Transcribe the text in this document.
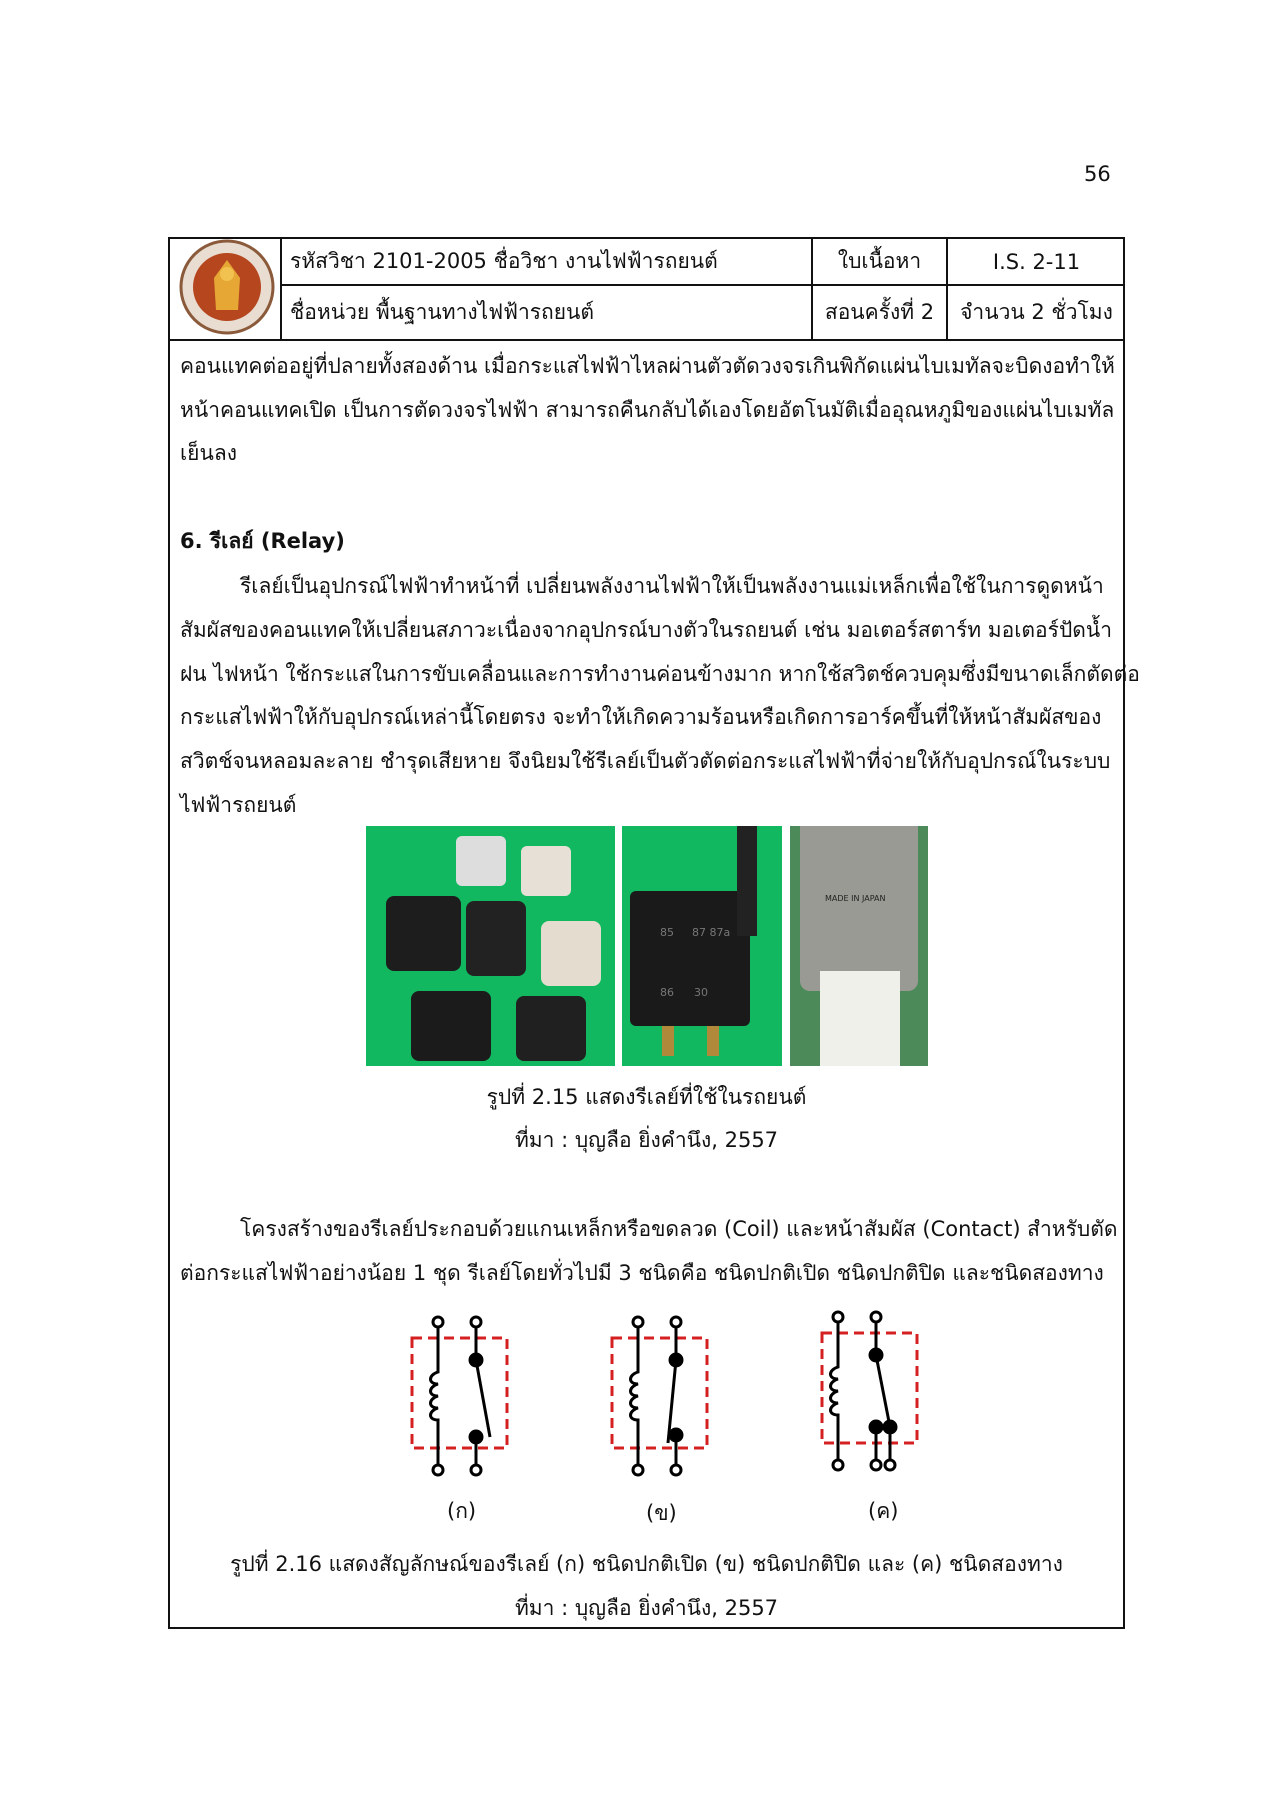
56
รหัสวิชา 2101-2005 ชื่อวิชา งานไฟฟ้ารถยนต์	ใบเนื้อหา	I.S. 2-11
ชื่อหน่วย พื้นฐานทางไฟฟ้ารถยนต์	สอนครั้งที่ 2	จำนวน 2 ชั่วโมง
คอนแทคต่ออยู่ที่ปลายทั้งสองด้าน เมื่อกระแสไฟฟ้าไหลผ่านตัวตัดวงจรเกินพิกัดแผ่นไบเมทัลจะบิดงอทำให้
หน้าคอนแทคเปิด เป็นการตัดวงจรไฟฟ้า สามารถคืนกลับได้เองโดยอัตโนมัติเมื่ออุณหภูมิของแผ่นไบเมทัล
เย็นลง
6. รีเลย์ (Relay)
รีเลย์เป็นอุปกรณ์ไฟฟ้าทำหน้าที่ เปลี่ยนพลังงานไฟฟ้าให้เป็นพลังงานแม่เหล็กเพื่อใช้ในการดูดหน้า
สัมผัสของคอนแทคให้เปลี่ยนสภาวะเนื่องจากอุปกรณ์บางตัวในรถยนต์ เช่น มอเตอร์สตาร์ท มอเตอร์ปัดน้ำ
ฝน ไฟหน้า ใช้กระแสในการขับเคลื่อนและการทำงานค่อนข้างมาก หากใช้สวิตช์ควบคุมซึ่งมีขนาดเล็กตัดต่อ
กระแสไฟฟ้าให้กับอุปกรณ์เหล่านี้โดยตรง จะทำให้เกิดความร้อนหรือเกิดการอาร์คขึ้นที่ให้หน้าสัมผัสของ
สวิตช์จนหลอมละลาย ชำรุดเสียหาย จึงนิยมใช้รีเลย์เป็นตัวตัดต่อกระแสไฟฟ้าที่จ่ายให้กับอุปกรณ์ในระบบ
ไฟฟ้ารถยนต์
85 87 87a
86 30
MADE IN JAPAN
รูปที่ 2.15 แสดงรีเลย์ที่ใช้ในรถยนต์
ที่มา : บุญลือ ยิ่งคำนึง, 2557
โครงสร้างของรีเลย์ประกอบด้วยแกนเหล็กหรือขดลวด (Coil) และหน้าสัมผัส (Contact) สำหรับตัด
ต่อกระแสไฟฟ้าอย่างน้อย 1 ชุด รีเลย์โดยทั่วไปมี 3 ชนิดคือ ชนิดปกติเปิด ชนิดปกติปิด และชนิดสองทาง
(ก)	(ข)	(ค)
รูปที่ 2.16 แสดงสัญลักษณ์ของรีเลย์ (ก) ชนิดปกติเปิด (ข) ชนิดปกติปิด และ (ค) ชนิดสองทาง
ที่มา : บุญลือ ยิ่งคำนึง, 2557
